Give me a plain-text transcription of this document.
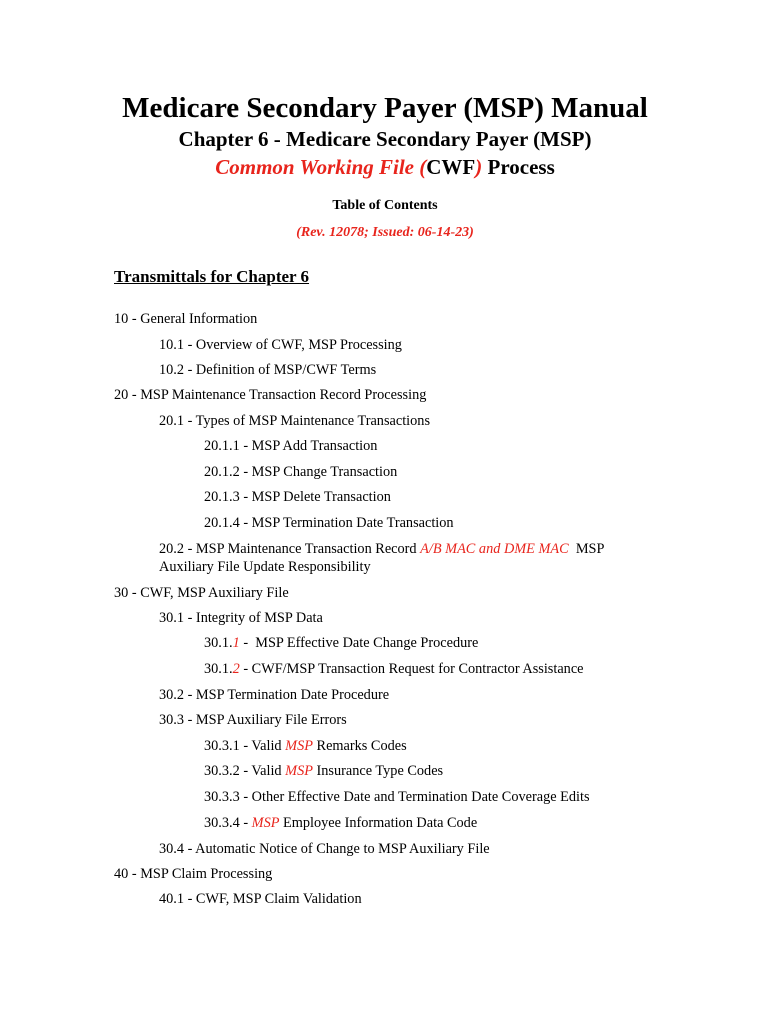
Medicare Secondary Payer (MSP) Manual
Chapter 6 - Medicare Secondary Payer (MSP)
Common Working File (CWF) Process
Table of Contents
(Rev. 12078; Issued: 06-14-23)
Transmittals for Chapter 6
10 - General Information
10.1 - Overview of CWF, MSP Processing
10.2 - Definition of MSP/CWF Terms
20 - MSP Maintenance Transaction Record Processing
20.1 - Types of MSP Maintenance Transactions
20.1.1 - MSP Add Transaction
20.1.2 - MSP Change Transaction
20.1.3 - MSP Delete Transaction
20.1.4 - MSP Termination Date Transaction
20.2 - MSP Maintenance Transaction Record A/B MAC and DME MAC  MSP
Auxiliary File Update Responsibility
30 - CWF, MSP Auxiliary File
30.1 - Integrity of MSP Data
30.1.1 -  MSP Effective Date Change Procedure
30.1.2 - CWF/MSP Transaction Request for Contractor Assistance
30.2 - MSP Termination Date Procedure
30.3 - MSP Auxiliary File Errors
30.3.1 - Valid MSP Remarks Codes
30.3.2 - Valid MSP Insurance Type Codes
30.3.3 - Other Effective Date and Termination Date Coverage Edits
30.3.4 - MSP Employee Information Data Code
30.4 - Automatic Notice of Change to MSP Auxiliary File
40 - MSP Claim Processing
40.1 - CWF, MSP Claim Validation
